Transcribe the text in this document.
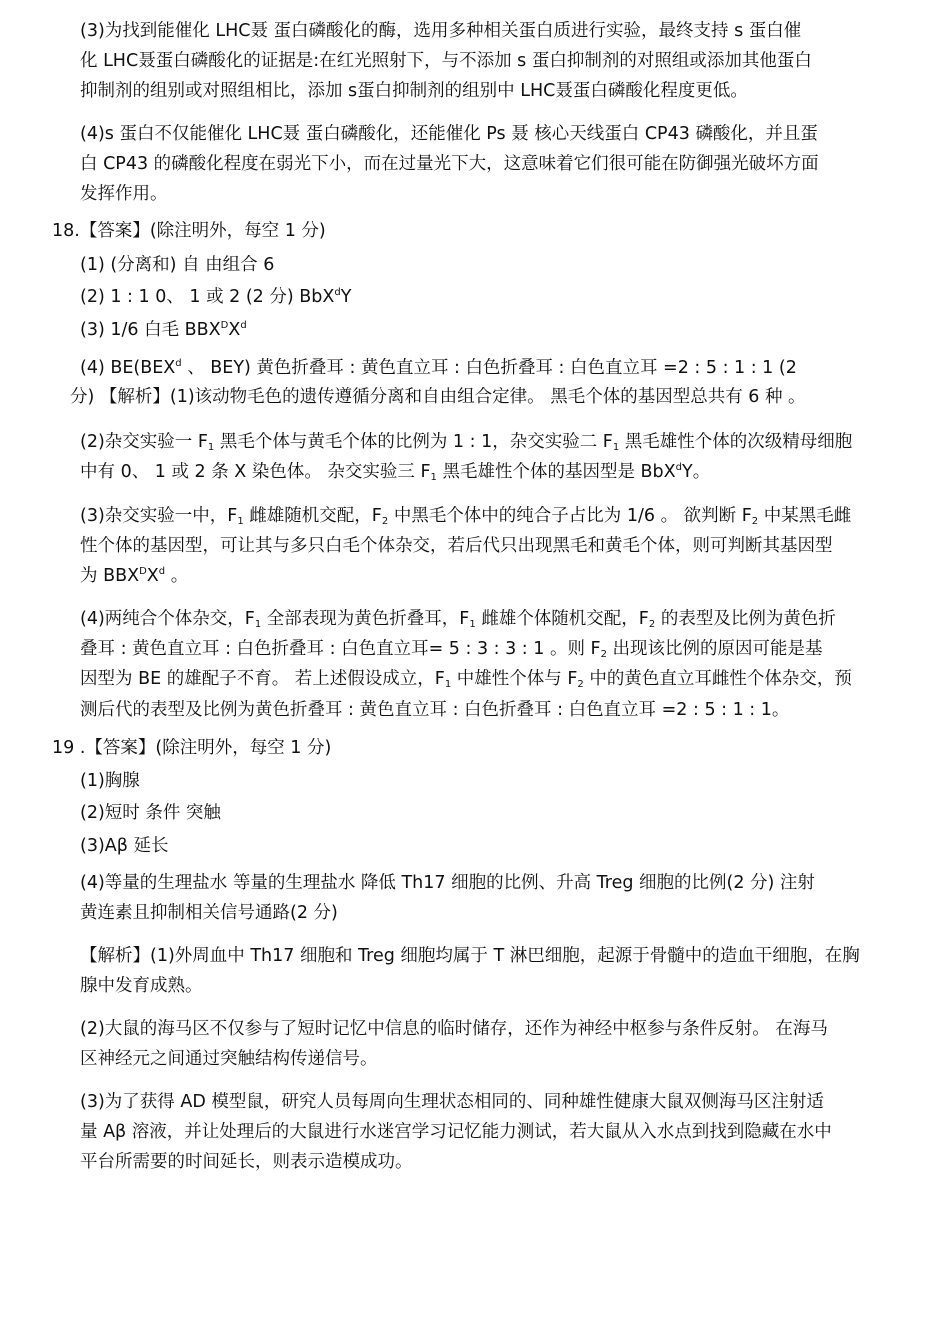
(3)为找到能催化 LHC聂 蛋白磷酸化的酶，选用多种相关蛋白质进行实验，最终支持 s 蛋白催
化 LHC聂蛋白磷酸化的证据是:在红光照射下，与不添加 s 蛋白抑制剂的对照组或添加其他蛋白
抑制剂的组别或对照组相比，添加 s蛋白抑制剂的组别中 LHC聂蛋白磷酸化程度更低。
(4)s 蛋白不仅能催化 LHC聂 蛋白磷酸化，还能催化 Ps 聂 核心天线蛋白 CP43 磷酸化，并且蛋
白 CP43 的磷酸化程度在弱光下小，而在过量光下大，这意味着它们很可能在防御强光破坏方面
发挥作用。
18.【答案】(除注明外，每空 1 分)
(1) (分离和) 自 由组合 6
(2) 1 : 1 0、 1 或 2 (2 分) BbX$^d$Y
(3) 1/6 白毛 $BBX^DX^d$
(4) BE(BEX$^d$ 、 BEY) 黄色折叠耳 : 黄色直立耳 : 白色折叠耳 : 白色直立耳 =2 : 5 : 1 : 1 (2
分) 【解析】(1)该动物毛色的遗传遵循分离和自由组合定律。 黑毛个体的基因型总共有 6 种 。
(2)杂交实验一 $F_1$ 黑毛个体与黄毛个体的比例为 1 : 1，杂交实验二 $F_1$ 黑毛雄性个体的次级精母细胞
中有 0、 1 或 2 条 X 染色体。 杂交实验三 $F_1$ 黑毛雄性个体的基因型是 BbX$^d$Y。
(3)杂交实验一中，$F_1$ 雌雄随机交配，$F_2$ 中黑毛个体中的纯合子占比为 1/6 。 欲判断 $F_2$ 中某黑毛雌
性个体的基因型，可让其与多只白毛个体杂交，若后代只出现黑毛和黄毛个体，则可判断其基因型
为 $BBX^DX^d$ 。
(4)两纯合个体杂交，$F_1$ 全部表现为黄色折叠耳，$F_1$ 雌雄个体随机交配，$F_2$ 的表型及比例为黄色折
叠耳 : 黄色直立耳 : 白色折叠耳 : 白色直立耳= 5 : 3 : 3 : 1 。则 $F_2$ 出现该比例的原因可能是基
因型为 BE 的雄配子不育。 若上述假设成立，$F_1$ 中雄性个体与 $F_2$ 中的黄色直立耳雌性个体杂交，预
测后代的表型及比例为黄色折叠耳 : 黄色直立耳 : 白色折叠耳 : 白色直立耳 =2 : 5 : 1 : 1。
19 .【答案】(除注明外，每空 1 分)
(1)胸腺
(2)短时 条件 突触
(3)Aβ 延长
(4)等量的生理盐水 等量的生理盐水 降低 Th17 细胞的比例、升高 Treg 细胞的比例(2 分) 注射
黄连素且抑制相关信号通路(2 分)
【解析】(1)外周血中 Th17 细胞和 Treg 细胞均属于 T 淋巴细胞，起源于骨髓中的造血干细胞，在胸
腺中发育成熟。
(2)大鼠的海马区不仅参与了短时记忆中信息的临时储存，还作为神经中枢参与条件反射。 在海马
区神经元之间通过突触结构传递信号。
(3)为了获得 AD 模型鼠，研究人员每周向生理状态相同的、同种雄性健康大鼠双侧海马区注射适
量 Aβ 溶液，并让处理后的大鼠进行水迷宫学习记忆能力测试，若大鼠从入水点到找到隐藏在水中
平台所需要的时间延长，则表示造模成功。
